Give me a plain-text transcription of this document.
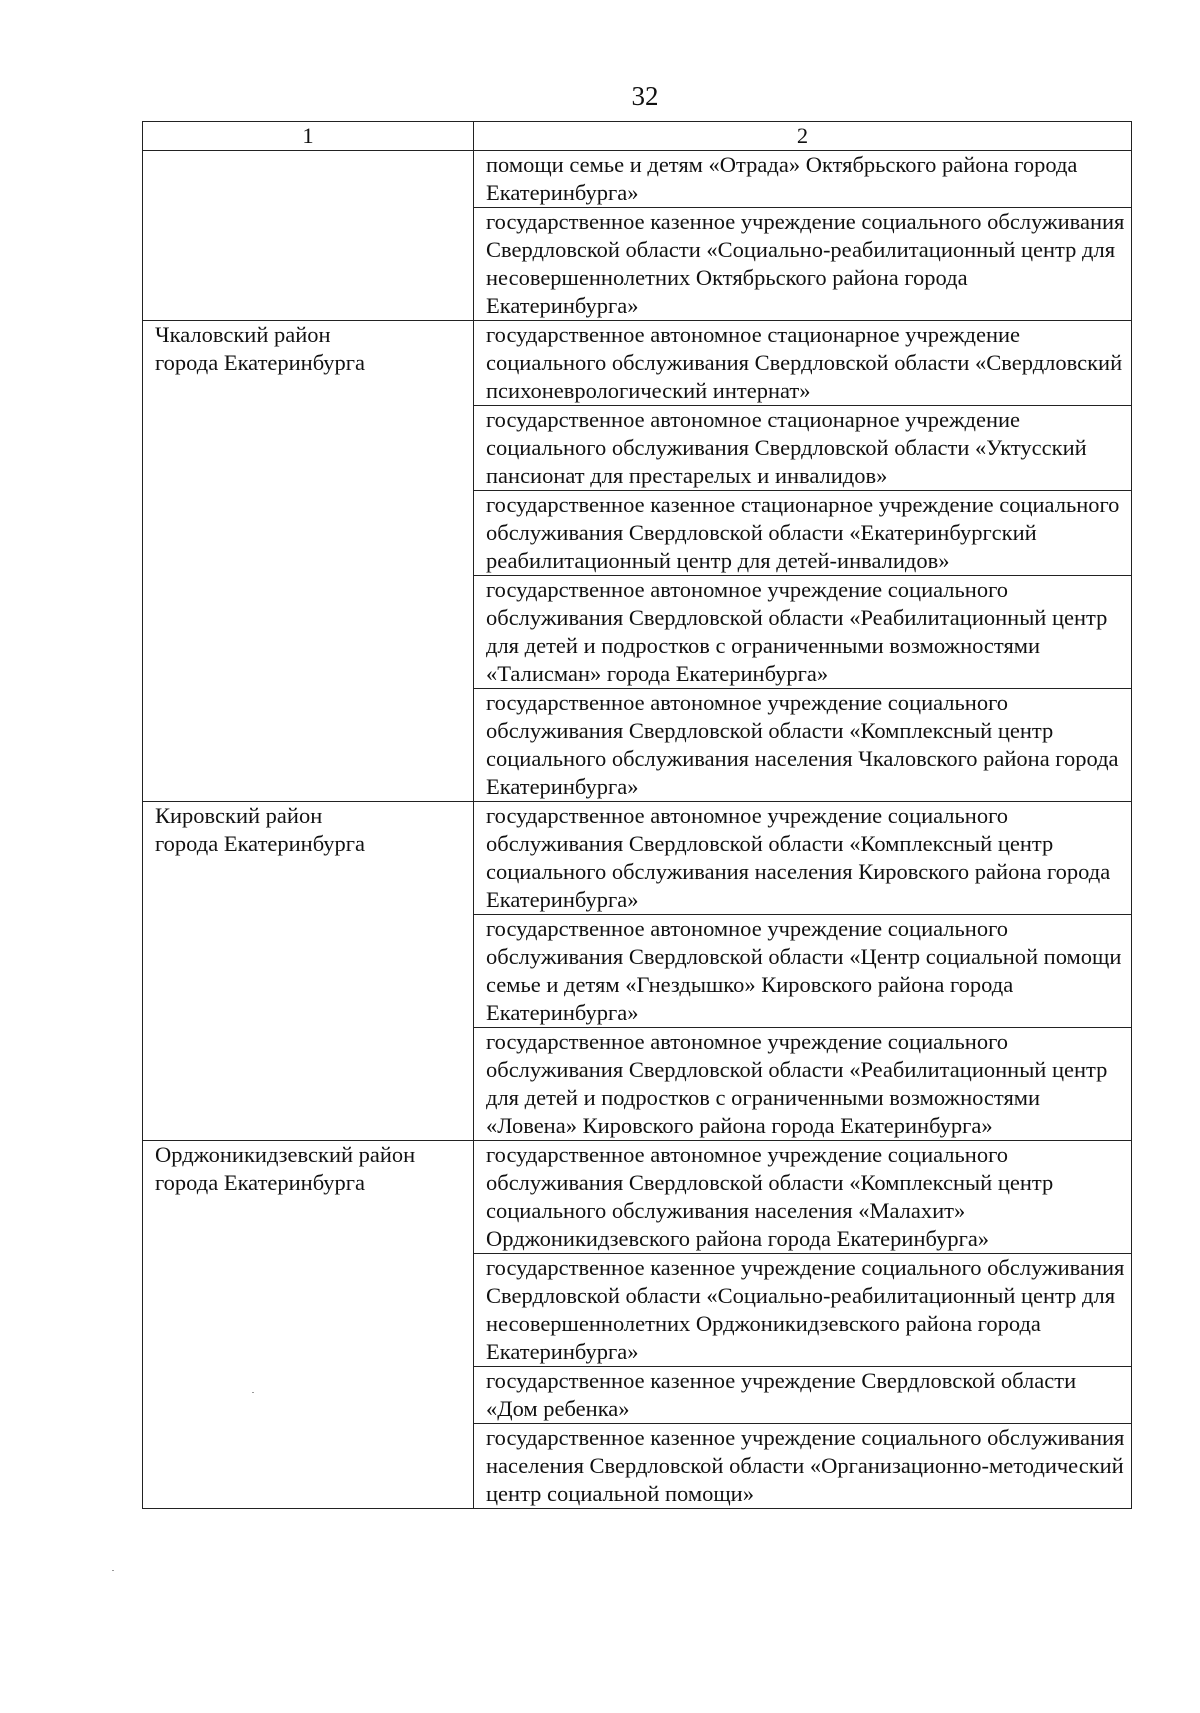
32
1	2
	помощи семье и детям «Отрада» Октябрьского района города Екатеринбурга»
	государственное казенное учреждение социального обслуживания Свердловской области «Социально-реабилитационный центр для несовершеннолетних Октябрьского района города Екатеринбурга»

Чкаловский район
города Екатеринбурга	государственное автономное стационарное учреждение социального обслуживания Свердловской области «Свердловский психоневрологический интернат»
	государственное автономное стационарное учреждение социального обслуживания Свердловской области «Уктусский пансионат для престарелых и инвалидов»
	государственное казенное стационарное учреждение социального обслуживания Свердловской области «Екатеринбургский реабилитационный центр для детей-инвалидов»
	государственное автономное учреждение социального обслуживания Свердловской области «Реабилитационный центр для детей и подростков с ограниченными возможностями «Талисман» города Екатеринбурга»
	государственное автономное учреждение социального обслуживания Свердловской области «Комплексный центр социального обслуживания населения Чкаловского района города Екатеринбурга»

Кировский район
города Екатеринбурга	государственное автономное учреждение социального обслуживания Свердловской области «Комплексный центр социального обслуживания населения Кировского района города Екатеринбурга»
	государственное автономное учреждение социального обслуживания Свердловской области «Центр социальной помощи семье и детям «Гнездышко» Кировского района города Екатеринбурга»
	государственное автономное учреждение социального обслуживания Свердловской области «Реабилитационный центр для детей и подростков с ограниченными возможностями «Ловена» Кировского района города Екатеринбурга»

Орджоникидзевский район
города Екатеринбурга	государственное автономное учреждение социального обслуживания Свердловской области «Комплексный центр социального обслуживания населения «Малахит» Орджоникидзевского района города Екатеринбурга»
	государственное казенное учреждение социального обслуживания Свердловской области «Социально-реабилитационный центр для несовершеннолетних Орджоникидзевского района города Екатеринбурга»
	государственное казенное учреждение Свердловской области «Дом ребенка»
	государственное казенное учреждение социального обслуживания населения Свердловской области «Организационно-методический центр социальной помощи»
